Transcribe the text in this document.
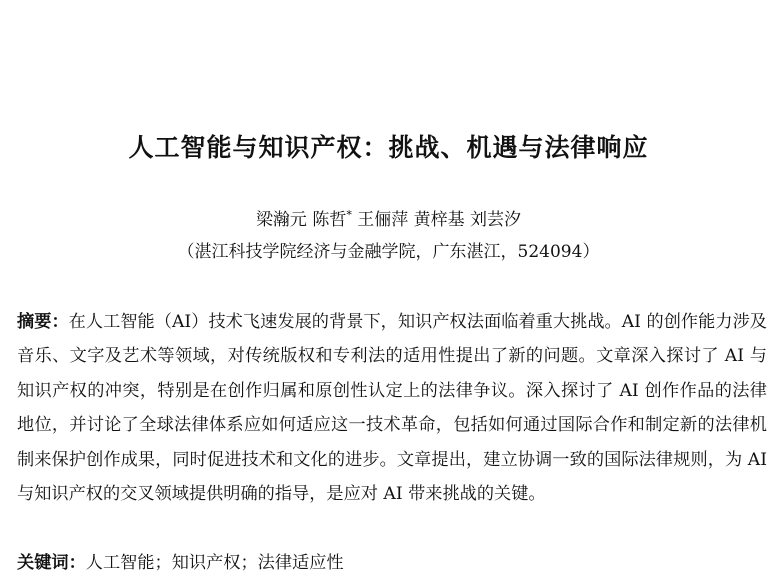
人工智能与知识产权：挑战、机遇与法律响应
梁瀚元 陈哲* 王俪萍 黄梓基 刘芸汐
（湛江科技学院经济与金融学院，广东湛江，524094）
摘要：在人工智能（AI）技术飞速发展的背景下，知识产权法面临着重大挑战。AI 的创作能力涉及音乐、文字及艺术等领域，对传统版权和专利法的适用性提出了新的问题。文章深入探讨了 AI 与知识产权的冲突，特别是在创作归属和原创性认定上的法律争议。深入探讨了 AI 创作作品的法律地位，并讨论了全球法律体系应如何适应这一技术革命，包括如何通过国际合作和制定新的法律机制来保护创作成果，同时促进技术和文化的进步。文章提出，建立协调一致的国际法律规则，为 AI 与知识产权的交叉领域提供明确的指导，是应对 AI 带来挑战的关键。
关键词：人工智能；知识产权；法律适应性
